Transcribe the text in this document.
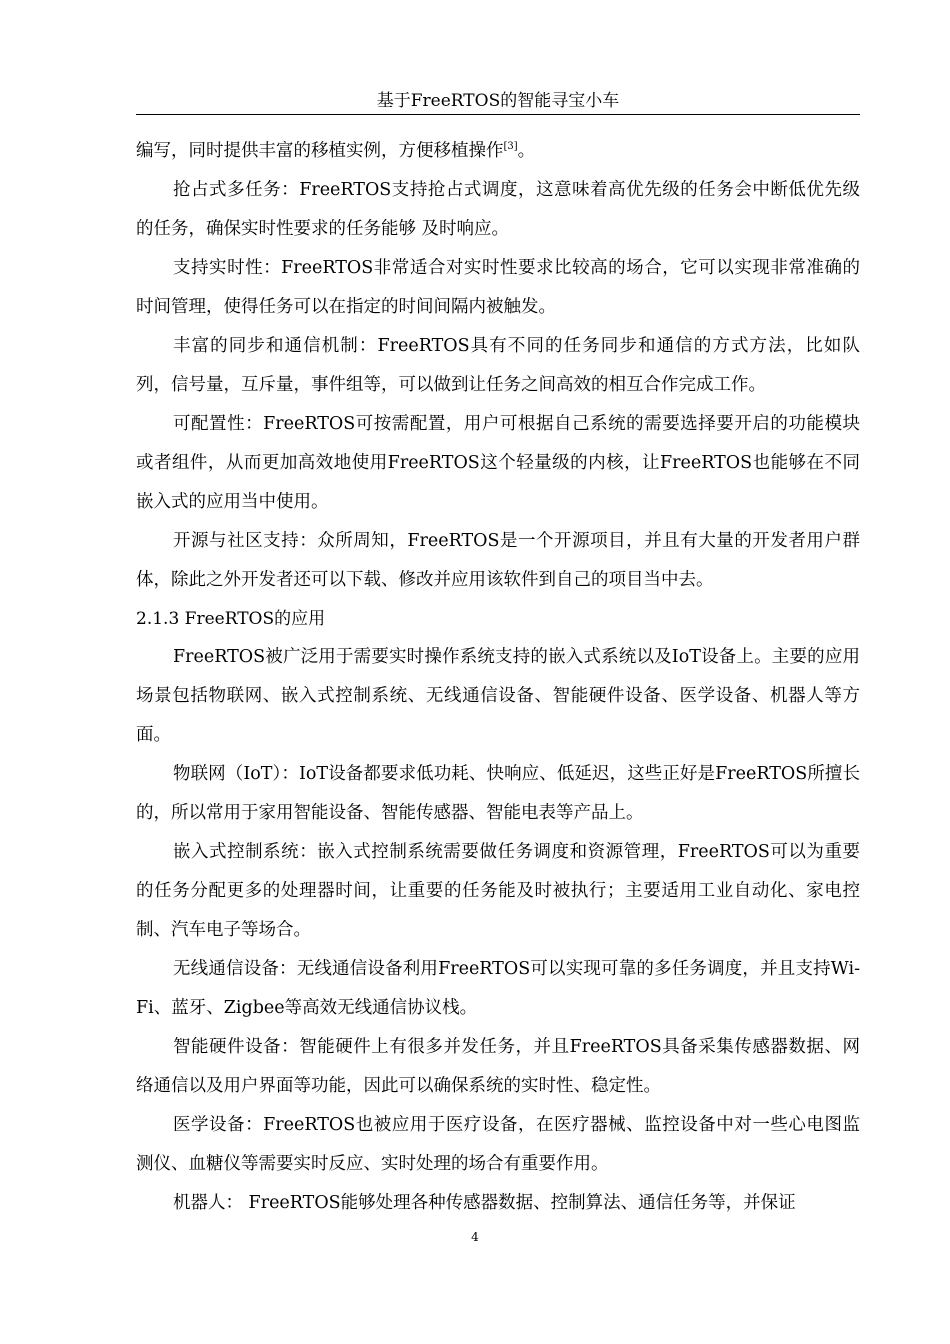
基于FreeRTOS的智能寻宝小车

编写，同时提供丰富的移植实例，方便移植操作[3]。

抢占式多任务：FreeRTOS支持抢占式调度，这意味着高优先级的任务会中断低优先级的任务，确保实时性要求的任务能够 及时响应。

支持实时性：FreeRTOS非常适合对实时性要求比较高的场合，它可以实现非常准确的时间管理，使得任务可以在指定的时间间隔内被触发。

丰富的同步和通信机制：FreeRTOS具有不同的任务同步和通信的方式方法，比如队列，信号量，互斥量，事件组等，可以做到让任务之间高效的相互合作完成工作。

可配置性：FreeRTOS可按需配置，用户可根据自己系统的需要选择要开启的功能模块或者组件，从而更加高效地使用FreeRTOS这个轻量级的内核，让FreeRTOS也能够在不同嵌入式的应用当中使用。

开源与社区支持：众所周知，FreeRTOS是一个开源项目，并且有大量的开发者用户群体，除此之外开发者还可以下载、修改并应用该软件到自己的项目当中去。

2.1.3 FreeRTOS的应用

FreeRTOS被广泛用于需要实时操作系统支持的嵌入式系统以及IoT设备上。主要的应用场景包括物联网、嵌入式控制系统、无线通信设备、智能硬件设备、医学设备、机器人等方面。

物联网（IoT）：IoT设备都要求低功耗、快响应、低延迟，这些正好是FreeRTOS所擅长的，所以常用于家用智能设备、智能传感器、智能电表等产品上。

嵌入式控制系统：嵌入式控制系统需要做任务调度和资源管理，FreeRTOS可以为重要的任务分配更多的处理器时间，让重要的任务能及时被执行；主要适用工业自动化、家电控制、汽车电子等场合。

无线通信设备：无线通信设备利用FreeRTOS可以实现可靠的多任务调度，并且支持Wi-Fi、蓝牙、Zigbee等高效无线通信协议栈。

智能硬件设备：智能硬件上有很多并发任务，并且FreeRTOS具备采集传感器数据、网络通信以及用户界面等功能，因此可以确保系统的实时性、稳定性。

医学设备：FreeRTOS也被应用于医疗设备，在医疗器械、监控设备中对一些心电图监测仪、血糖仪等需要实时反应、实时处理的场合有重要作用。

机器人： FreeRTOS能够处理各种传感器数据、控制算法、通信任务等，并保证

4
